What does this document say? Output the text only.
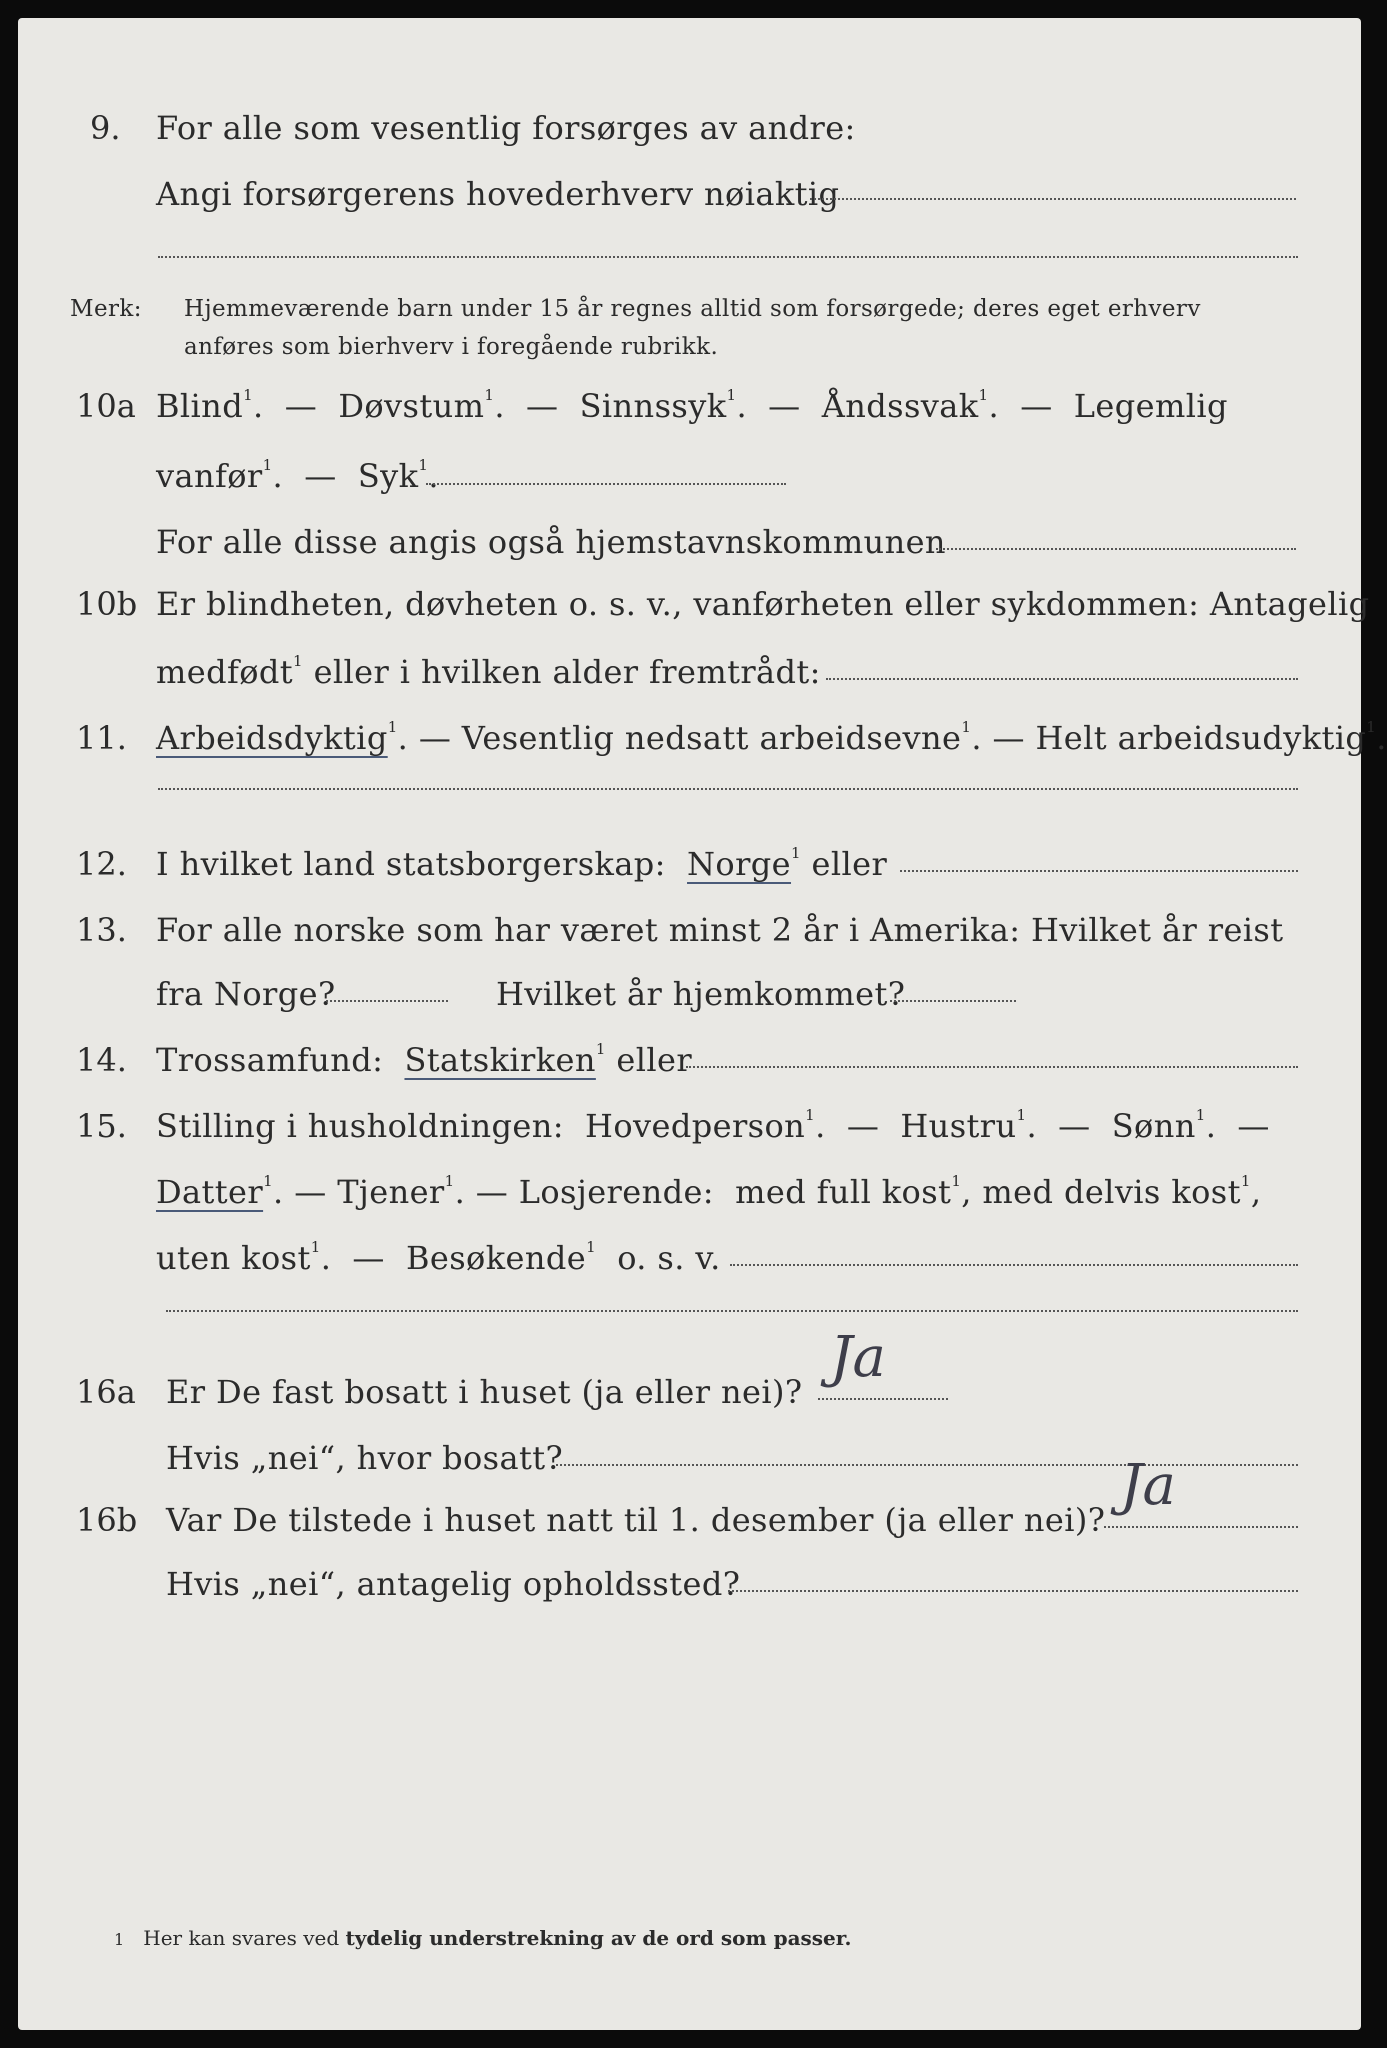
9. For alle som vesentlig forsørges av andre:
Angi forsørgerens hovederhverv nøiaktig
Merk: Hjemmeværende barn under 15 år regnes alltid som forsørgede; deres eget erhverv
anføres som bierhverv i foregående rubrikk.
10a Blind$^1$.  — Døvstum$^1$.  — Sinnssyk$^1$.  — Åndssvak$^1$.  — Legemlig
vanfør$^1$.  — Syk$^1$.
For alle disse angis også hjemstavnskommunen
10b Er blindheten, døvheten o. s. v., vanførheten eller sykdommen: Antagelig
medfødt$^1$ eller i hvilken alder fremtrådt:
11. Arbeidsdyktig$^1$. — Vesentlig nedsatt arbeidsevne$^1$. — Helt arbeidsudyktig$^1$.
12. I hvilket land statsborgerskap: Norge$^1$ eller
13. For alle norske som har været minst 2 år i Amerika: Hvilket år reist
fra Norge?	Hvilket år hjemkommet?
14. Trossamfund: Statskirken$^1$ eller
15. Stilling i husholdningen: Hovedperson$^1$.  — Hustru$^1$.  — Sønn$^1$.  —
Datter$^1$. — Tjener$^1$. — Losjerende: med full kost$^1$, med delvis kost$^1$,
uten kost$^1$.  — Besøkende$^1$ o. s. v.
16a Er De fast bosatt i huset (ja eller nei)?
Ja
Hvis „nei“, hvor bosatt?
16b Var De tilstede i huset natt til 1. desember (ja eller nei)?
Ja
Hvis „nei“, antagelig opholdssted?
1 Her kan svares ved tydelig understrekning av de ord som passer.
